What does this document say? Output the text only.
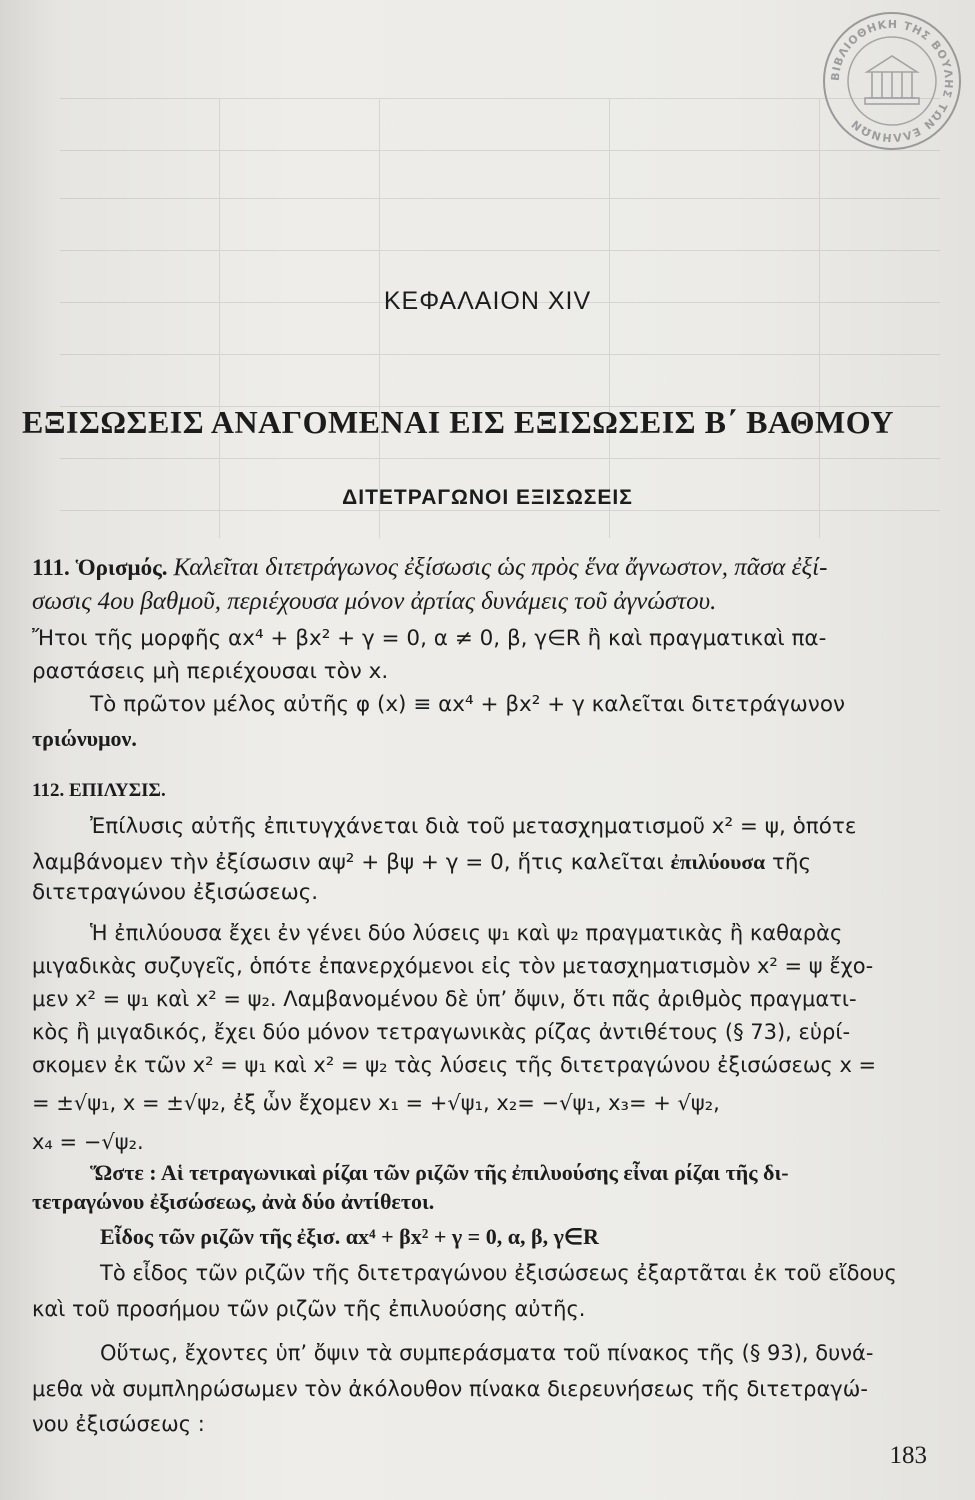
ΒΙΒΛΙΟΘΗΚΗ ΤΗΣ ΒΟΥΛΗΣ ΤΩΝ ΕΛΛΗΝΩΝ
ΚΕΦΑΛΑΙΟΝ XIV
ΕΞΙΣΩΣΕΙΣ ΑΝΑΓΟΜΕΝΑΙ ΕΙΣ ΕΞΙΣΩΣΕΙΣ Β΄ ΒΑΘΜΟΥ
ΔΙΤΕΤΡΑΓΩΝΟΙ ΕΞΙΣΩΣΕΙΣ
111. Ὁρισμός. Καλεῖται διτετράγωνος ἐξίσωσις ὡς πρὸς ἕνα ἄγνωστον, πᾶσα ἐξί-
σωσις 4ου βαθμοῦ, περιέχουσα μόνον ἀρτίας δυνάμεις τοῦ ἀγνώστου.
Ἤτοι τῆς μορφῆς αx⁴ + βx² + γ = 0, α ≠ 0, β, γ∈R ἢ καὶ πραγματικαὶ πα-
ραστάσεις μὴ περιέχουσαι τὸν x.
Τὸ πρῶτον μέλος αὐτῆς φ (x) ≡ αx⁴ + βx² + γ καλεῖται διτετράγωνον
τριώνυμον.
112. ΕΠΙΛΥΣΙΣ.
Ἐπίλυσις αὐτῆς ἐπιτυγχάνεται διὰ τοῦ μετασχηματισμοῦ x² = ψ, ὁπότε
λαμβάνομεν τὴν ἐξίσωσιν αψ² + βψ + γ = 0, ἥτις καλεῖται ἐπιλύουσα τῆς
διτετραγώνου ἐξισώσεως.
Ἡ ἐπιλύουσα ἔχει ἐν γένει δύο λύσεις ψ₁ καὶ ψ₂ πραγματικὰς ἢ καθαρὰς
μιγαδικὰς συζυγεῖς, ὁπότε ἐπανερχόμενοι εἰς τὸν μετασχηματισμὸν x² = ψ ἔχο-
μεν x² = ψ₁ καὶ x² = ψ₂. Λαμβανομένου δὲ ὑπ’ ὄψιν, ὅτι πᾶς ἀριθμὸς πραγματι-
κὸς ἢ μιγαδικός, ἔχει δύο μόνον τετραγωνικὰς ρίζας ἀντιθέτους (§ 73), εὑρί-
σκομεν ἐκ τῶν x² = ψ₁ καὶ x² = ψ₂ τὰς λύσεις τῆς διτετραγώνου ἐξισώσεως x =
= ±√ψ₁, x = ±√ψ₂, ἐξ ὧν ἔχομεν x₁ = +√ψ₁, x₂= −√ψ₁, x₃= + √ψ₂,
x₄ = −√ψ₂.
Ὥστε : Αἱ τετραγωνικαὶ ρίζαι τῶν ριζῶν τῆς ἐπιλυούσης εἶναι ρίζαι τῆς δι-
τετραγώνου ἐξισώσεως, ἀνὰ δύο ἀντίθετοι.
Εἶδος τῶν ριζῶν τῆς ἐξισ. αx⁴ + βx² + γ = 0, α, β, γ∈R
Τὸ εἶδος τῶν ριζῶν τῆς διτετραγώνου ἐξισώσεως ἐξαρτᾶται ἐκ τοῦ εἴδους
καὶ τοῦ προσήμου τῶν ριζῶν τῆς ἐπιλυούσης αὐτῆς.
Οὕτως, ἔχοντες ὑπ’ ὄψιν τὰ συμπεράσματα τοῦ πίνακος τῆς (§ 93), δυνά-
μεθα νὰ συμπληρώσωμεν τὸν ἀκόλουθον πίνακα διερευνήσεως τῆς διτετραγώ-
νου ἐξισώσεως :
183
